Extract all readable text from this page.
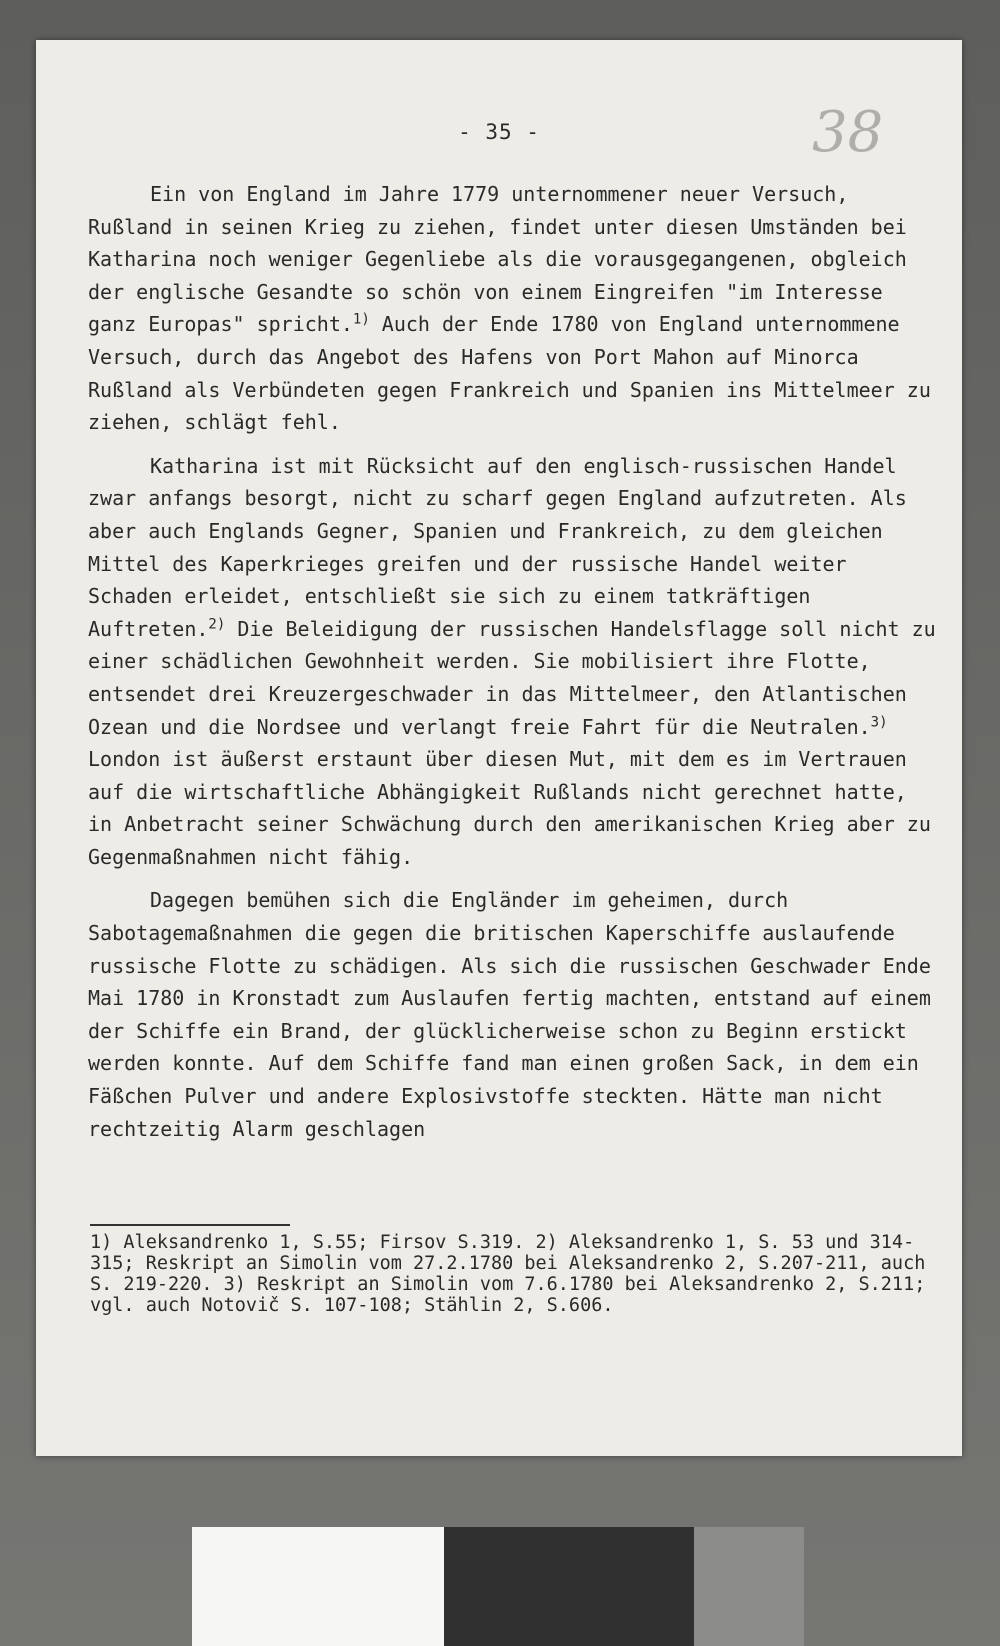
- 35 -	38

Ein von England im Jahre 1779 unternommener neuer Versuch, Rußland in seinen Krieg zu ziehen, findet unter diesen Umständen bei Katharina noch weniger Gegenliebe als die vorausgegangenen, obgleich der englische Gesandte so schön von einem Eingreifen "im Interesse ganz Europas" spricht.$^{1)}$ Auch der Ende 1780 von England unternommene Versuch, durch das Angebot des Hafens von Port Mahon auf Minorca Rußland als Verbündeten gegen Frankreich und Spanien ins Mittelmeer zu ziehen, schlägt fehl.

Katharina ist mit Rücksicht auf den englisch-russischen Handel zwar anfangs besorgt, nicht zu scharf gegen England aufzutreten. Als aber auch Englands Gegner, Spanien und Frankreich, zu dem gleichen Mittel des Kaperkrieges greifen und der russische Handel weiter Schaden erleidet, entschließt sie sich zu einem tatkräftigen Auftreten.$^{2)}$ Die Beleidigung der russischen Handelsflagge soll nicht zu einer schädlichen Gewohnheit werden. Sie mobilisiert ihre Flotte, entsendet drei Kreuzergeschwader in das Mittelmeer, den Atlantischen Ozean und die Nordsee und verlangt freie Fahrt für die Neutralen.$^{3)}$ London ist äußerst erstaunt über diesen Mut, mit dem es im Vertrauen auf die wirtschaftliche Abhängigkeit Rußlands nicht gerechnet hatte, in Anbetracht seiner Schwächung durch den amerikanischen Krieg aber zu Gegenmaßnahmen nicht fähig.

Dagegen bemühen sich die Engländer im geheimen, durch Sabotagemaßnahmen die gegen die britischen Kaperschiffe auslaufende russische Flotte zu schädigen. Als sich die russischen Geschwader Ende Mai 1780 in Kronstadt zum Auslaufen fertig machten, entstand auf einem der Schiffe ein Brand, der glücklicherweise schon zu Beginn erstickt werden konnte. Auf dem Schiffe fand man einen großen Sack, in dem ein Fäßchen Pulver und andere Explosivstoffe steckten. Hätte man nicht rechtzeitig Alarm geschlagen

1) Aleksandrenko 1, S.55; Firsov S.319. 2) Aleksandrenko 1, S. 53 und 314-315; Reskript an Simolin vom 27.2.1780 bei Aleksandrenko 2, S.207-211, auch S. 219-220. 3) Reskript an Simolin vom 7.6.1780 bei Aleksandrenko 2, S.211; vgl. auch Notovič S. 107-108; Stählin 2, S.606.
